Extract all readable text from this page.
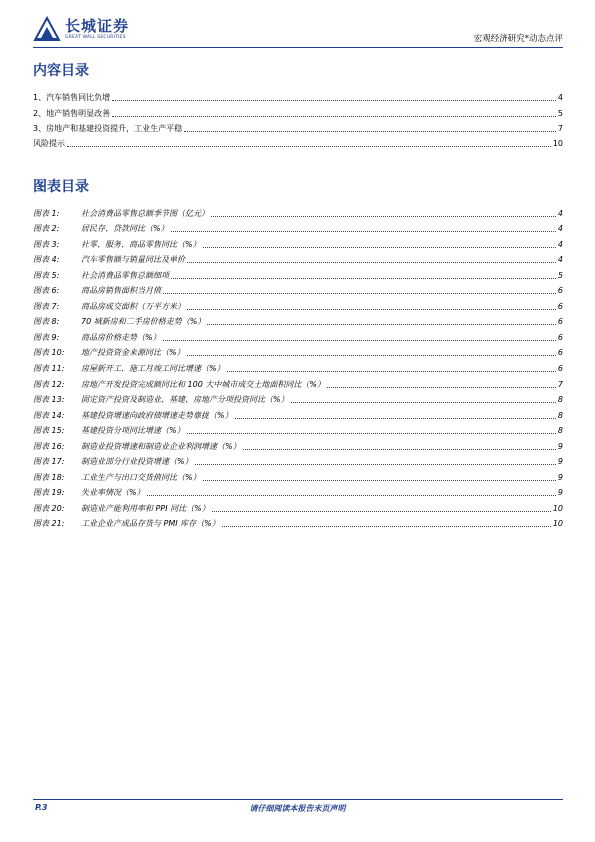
长城证券
GREAT WALL SECURITIES	宏观经济研究*动态点评
内容目录
1、汽车销售同比负增	4
2、地产销售明显改善	5
3、房地产和基建投资提升，工业生产平稳	7
风险提示	10
图表目录
图表 1:	社会消费品零售总额季节图（亿元）	4
图表 2:	居民存、贷款同比（%）	4
图表 3:	社零、服务、商品零售同比（%）	4
图表 4:	汽车零售额与销量同比及单价	4
图表 5:	社会消费品零售总额细项	5
图表 6:	商品房销售面积当月值	6
图表 7:	商品房成交面积（万平方米）	6
图表 8:	70 城新房和二手房价格走势（%）	6
图表 9:	商品房价格走势（%）	6
图表 10: 地产投资资金来源同比（%）	6
图表 11: 房屋新开工、施工月竣工同比增速（%）	6
图表 12: 房地产开发投资完成额同比和 100 大中城市成交土地面积同比（%）	7
图表 13: 固定资产投资及制造业、基建、房地产分项投资同比（%）	8
图表 14: 基建投资增速向政府债增速走势靠拢（%）	8
图表 15: 基建投资分项同比增速（%）	8
图表 16: 制造业投资增速和制造业企业利润增速（%）	9
图表 17: 制造业部分行业投资增速（%）	9
图表 18: 工业生产与出口交货值同比（%）	9
图表 19: 失业率情况（%）	9
图表 20: 制造业产能利用率和 PPI 同比（%）	10
图表 21: 工业企业产成品存货与 PMI 库存（%）	10
P.3	请仔细阅读本报告末页声明
